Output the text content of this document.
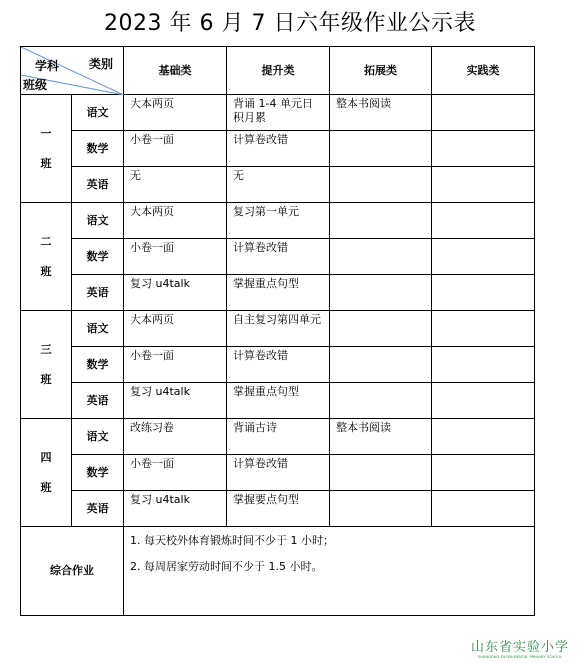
2023 年 6 月 7 日六年级作业公示表
类别
学科
班级		基础类	提升类	拓展类	实践类

一
班	语文	大本两页	背诵 1-4 单元日积月累	整本书阅读	
	数学	小卷一面	计算卷改错		
	英语	无	无		

二
班	语文	大本两页	复习第一单元		
	数学	小卷一面	计算卷改错		
	英语	复习 u4talk	掌握重点句型		

三
班	语文	大本两页	自主复习第四单元		
	数学	小卷一面	计算卷改错		
	英语	复习 u4talk	掌握重点句型		

四
班	语文	改练习卷	背诵古诗	整本书阅读	
	数学	小卷一面	计算卷改错		
	英语	复习 u4talk	掌握要点句型		
综合作业		1. 每天校外体育锻炼时间不少于 1 小时；
2. 每周居家劳动时间不少于 1.5 小时。			
山东省实验小学
SHANDONG EXPERIMENTAL PRIMARY SCHOOL
